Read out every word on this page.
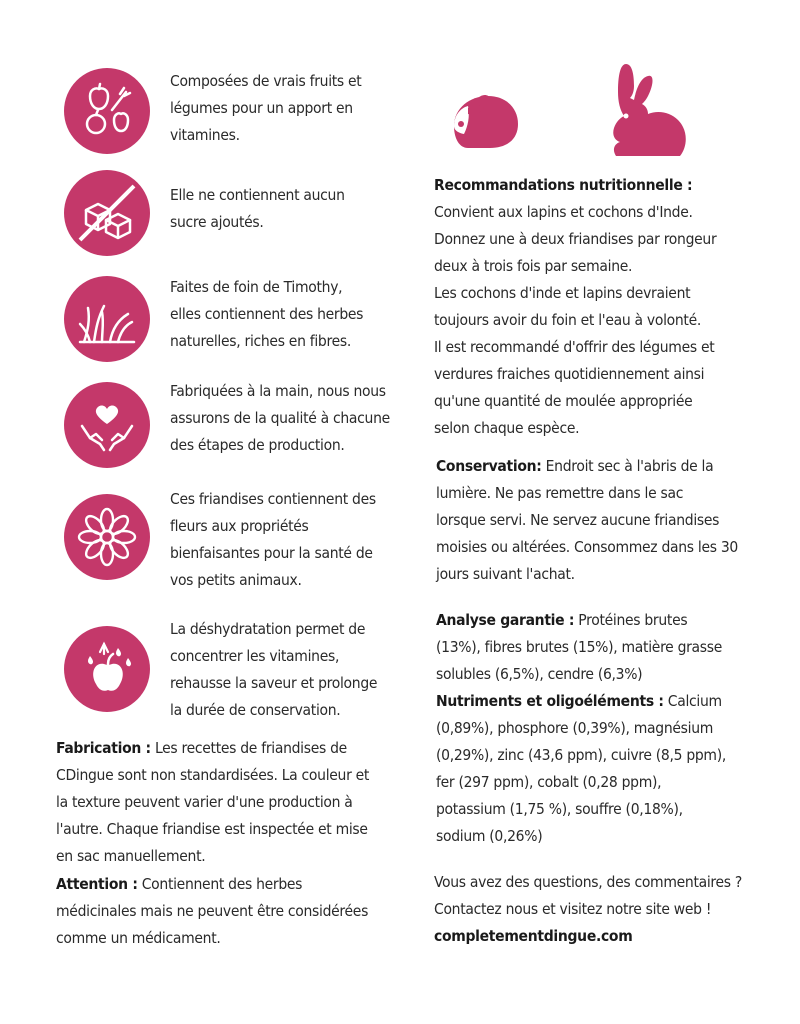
Composées de vrais fruits et
légumes pour un apport en
vitamines.
Elle ne contiennent aucun
sucre ajoutés.
Faites de foin de Timothy,
elles contiennent des herbes
naturelles, riches en fibres.
Fabriquées à la main, nous nous
assurons de la qualité à chacune
des étapes de production.
Ces friandises contiennent des
fleurs aux propriétés
bienfaisantes pour la santé de
vos petits animaux.
La déshydratation permet de
concentrer les vitamines,
rehausse la saveur et prolonge
la durée de conservation.
Fabrication : Les recettes de friandises de
CDingue sont non standardisées. La couleur et
la texture peuvent varier d'une production à
l'autre. Chaque friandise est inspectée et mise
en sac manuellement.
Attention : Contiennent des herbes
médicinales mais ne peuvent être considérées
comme un médicament.
Recommandations nutritionnelle :
Convient aux lapins et cochons d'Inde.
Donnez une à deux friandises par rongeur
deux à trois fois par semaine.
Les cochons d'inde et lapins devraient
toujours avoir du foin et l'eau à volonté.
Il est recommandé d'offrir des légumes et
verdures fraiches quotidiennement ainsi
qu'une quantité de moulée appropriée
selon chaque espèce.
Conservation: Endroit sec à l'abris de la
lumière. Ne pas remettre dans le sac
lorsque servi. Ne servez aucune friandises
moisies ou altérées. Consommez dans les 30
jours suivant l'achat.
Analyse garantie : Protéines brutes
(13%), fibres brutes (15%), matière grasse
solubles (6,5%), cendre (6,3%)
Nutriments et oligoéléments : Calcium
(0,89%), phosphore (0,39%), magnésium
(0,29%), zinc (43,6 ppm), cuivre (8,5 ppm),
fer (297 ppm), cobalt (0,28 ppm),
potassium (1,75 %), souffre (0,18%),
sodium (0,26%)
Vous avez des questions, des commentaires ?
Contactez nous et visitez notre site web !
completementdingue.com
